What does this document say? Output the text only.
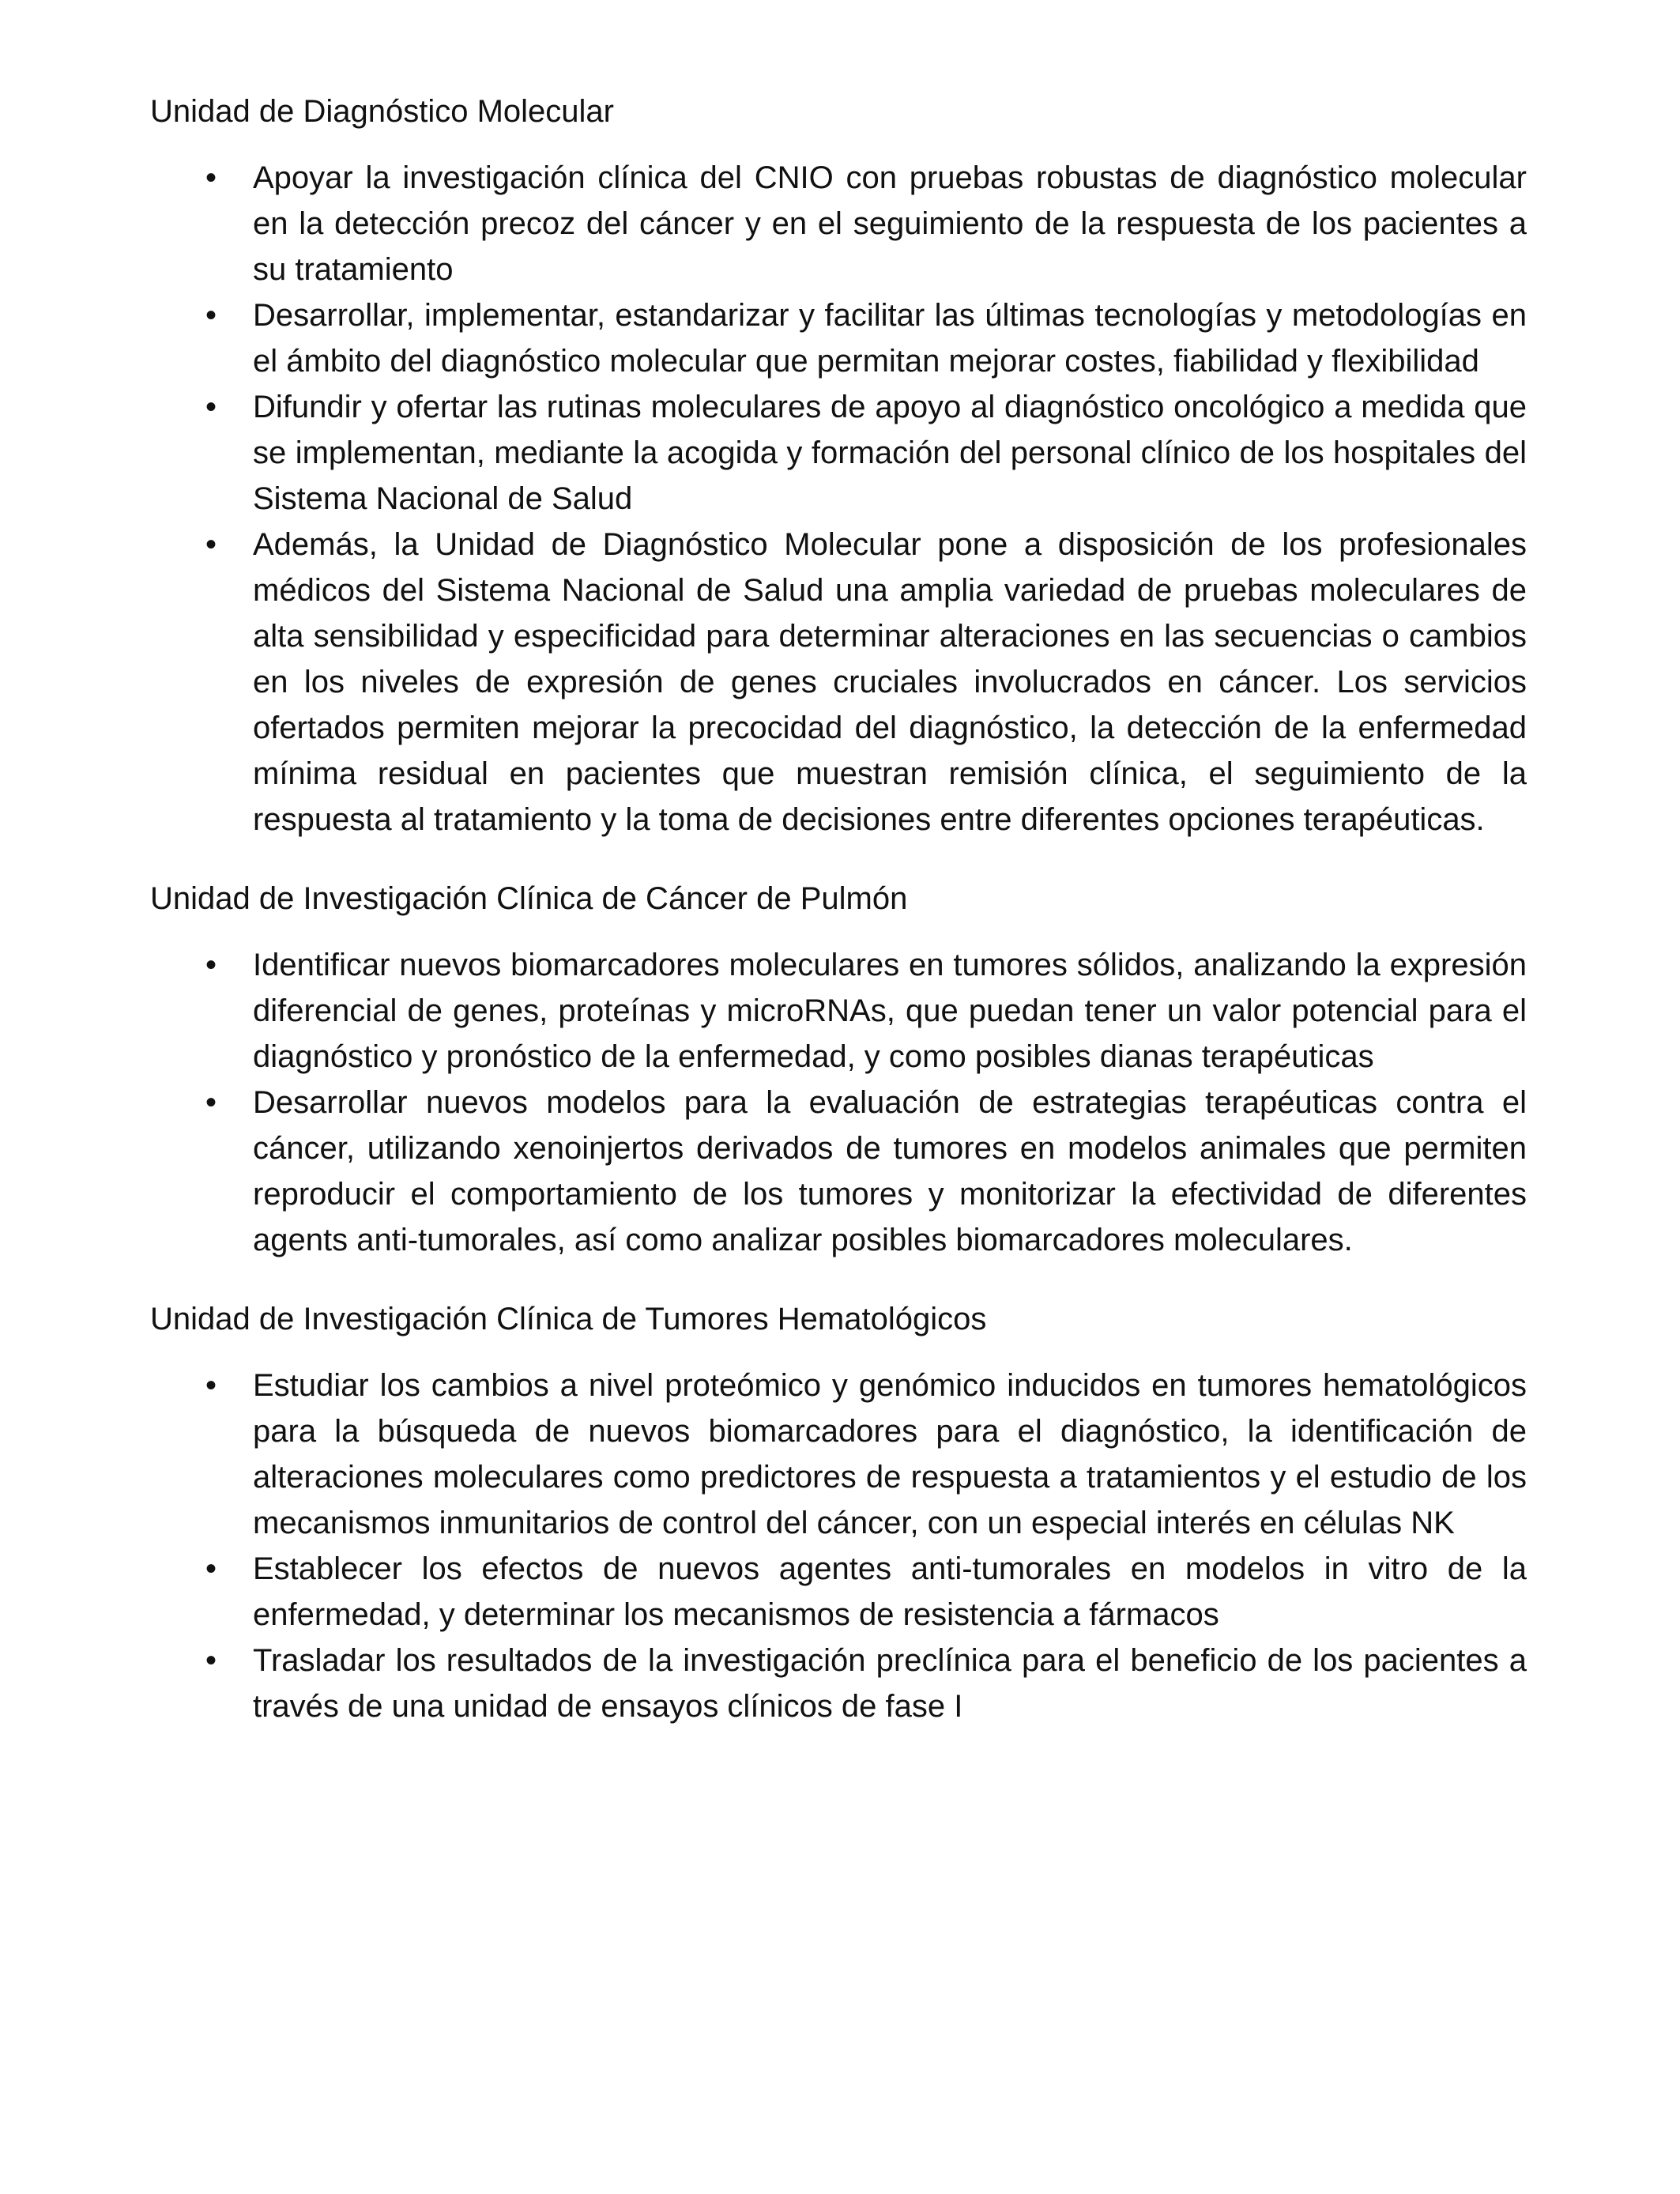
Unidad de Diagnóstico Molecular

• Apoyar la investigación clínica del CNIO con pruebas robustas de diagnóstico molecular en la detección precoz del cáncer y en el seguimiento de la respuesta de los pacientes a su tratamiento
• Desarrollar, implementar, estandarizar y facilitar las últimas tecnologías y metodologías en el ámbito del diagnóstico molecular que permitan mejorar costes, fiabilidad y flexibilidad
• Difundir y ofertar las rutinas moleculares de apoyo al diagnóstico oncológico a medida que se implementan, mediante la acogida y formación del personal clínico de los hospitales del Sistema Nacional de Salud
• Además, la Unidad de Diagnóstico Molecular pone a disposición de los profesionales médicos del Sistema Nacional de Salud una amplia variedad de pruebas moleculares de alta sensibilidad y especificidad para determinar alteraciones en las secuencias o cambios en los niveles de expresión de genes cruciales involucrados en cáncer. Los servicios ofertados permiten mejorar la precocidad del diagnóstico, la detección de la enfermedad mínima residual en pacientes que muestran remisión clínica, el seguimiento de la respuesta al tratamiento y la toma de decisiones entre diferentes opciones terapéuticas.

Unidad de Investigación Clínica de Cáncer de Pulmón

• Identificar nuevos biomarcadores moleculares en tumores sólidos, analizando la expresión diferencial de genes, proteínas y microRNAs, que puedan tener un valor potencial para el diagnóstico y pronóstico de la enfermedad, y como posibles dianas terapéuticas
• Desarrollar nuevos modelos para la evaluación de estrategias terapéuticas contra el cáncer, utilizando xenoinjertos derivados de tumores en modelos animales que permiten reproducir el comportamiento de los tumores y monitorizar la efectividad de diferentes agents anti-tumorales, así como analizar posibles biomarcadores moleculares.

Unidad de Investigación Clínica de Tumores Hematológicos

• Estudiar los cambios a nivel proteómico y genómico inducidos en tumores hematológicos para la búsqueda de nuevos biomarcadores para el diagnóstico, la identificación de alteraciones moleculares como predictores de respuesta a tratamientos y el estudio de los mecanismos inmunitarios de control del cáncer, con un especial interés en células NK
• Establecer los efectos de nuevos agentes anti-tumorales en modelos in vitro de la enfermedad, y determinar los mecanismos de resistencia a fármacos
• Trasladar los resultados de la investigación preclínica para el beneficio de los pacientes a través de una unidad de ensayos clínicos de fase I
